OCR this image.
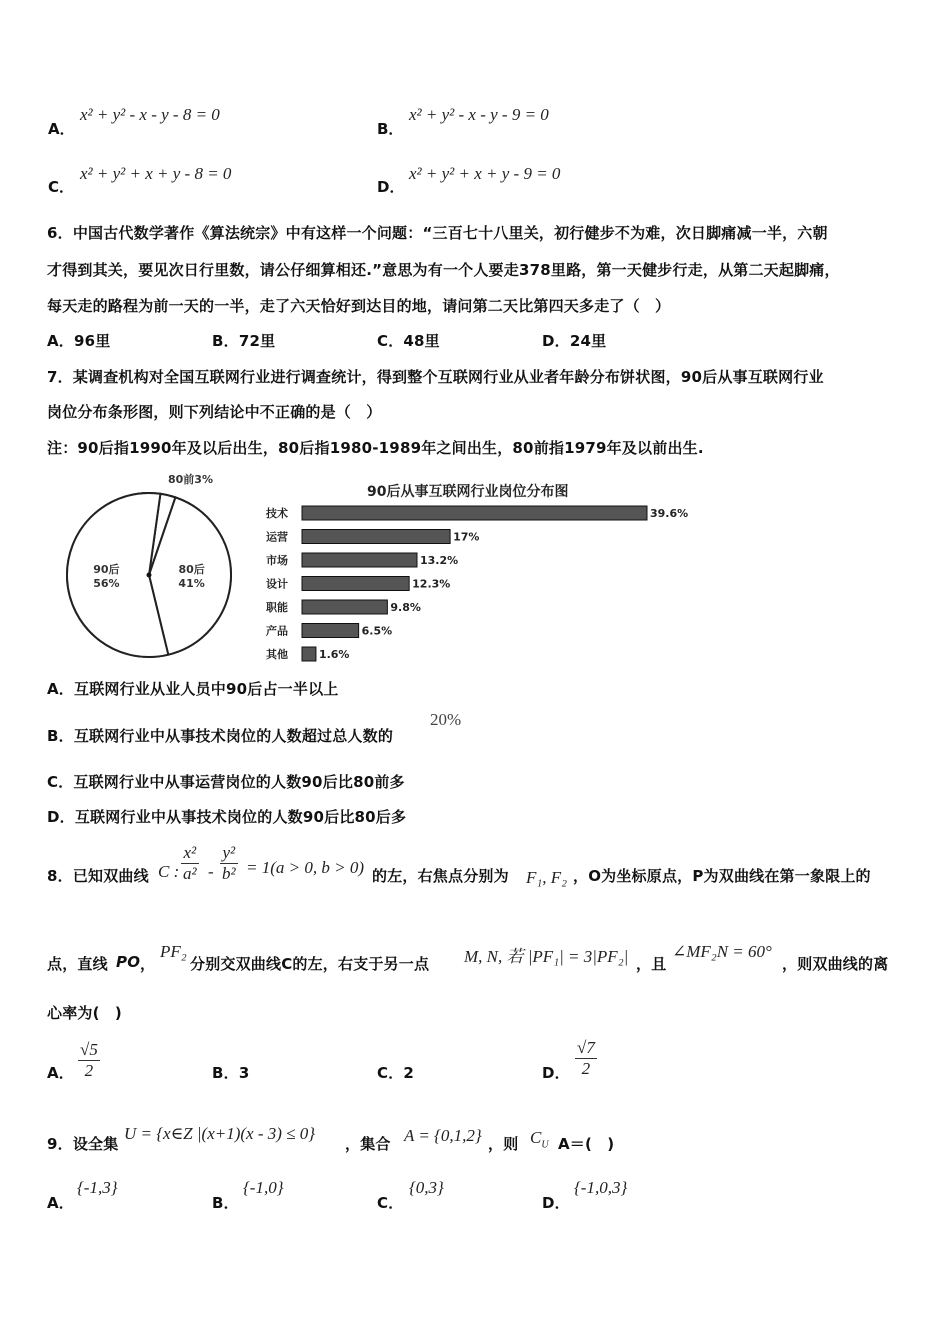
A．
x² + y² - x - y - 8 = 0
B．
x² + y² - x - y - 9 = 0
C．
x² + y² + x + y - 8 = 0
D．
x² + y² + x + y - 9 = 0
6．中国古代数学著作《算法统宗》中有这样一个问题：“三百七十八里关，初行健步不为难，次日脚痛减一半，六朝
才得到其关，要见次日行里数，请公仔细算相还.”意思为有一个人要走378里路，第一天健步行走，从第二天起脚痛，
每天走的路程为前一天的一半，走了六天恰好到达目的地，请问第二天比第四天多走了（　）
A．96里	B．72里	C．48里	D．24里
7．某调查机构对全国互联网行业进行调查统计，得到整个互联网行业从业者年龄分布饼状图，90后从事互联网行业
岗位分布条形图，则下列结论中不正确的是（　）
注：90后指1990年及以后出生，80后指1980-1989年之间出生，80前指1979年及以前出生.
80后
41%
90后
56%
80前3%
90后从事互联网行业岗位分布图
技术	39.6%
运营	17%
市场	13.2%
设计	12.3%
职能	9.8%
产品	6.5%
其他	1.6%
A．互联网行业从业人员中90后占一半以上
B．互联网行业中从事技术岗位的人数超过总人数的
20%
C．互联网行业中从事运营岗位的人数90后比80前多
D．互联网行业中从事技术岗位的人数90后比80后多
8．已知双曲线 C : $\frac{\text{x²}}{\text{a²}} - \frac{\text{y²}}{\text{b²}} = 1(a > 0$, b > 0) 的左，右焦点分别为 F₁, F₂ ，O为坐标原点，P为双曲线在第一象限上的
点，直线 PO ，
PF₂
分别交双曲线C的左，右支于另一点 M, N, 若 |PF₁| = 3|PF₂| ，且
∠MF₂N = 60°
，则双曲线的离
心率为(　)
A． $\frac{√5}{2}$	B．3	C．2	D． $\frac{√7}{2}$
9．设全集
U = {x∈Z |(x+1)(x - 3) ≤ 0}
，集合 A = {0,1,2} ，则 $C_U$ A＝(　)
A．
{-1,3}
B．
{-1,0}
C．
{0,3}
D．
{-1,0,3}
